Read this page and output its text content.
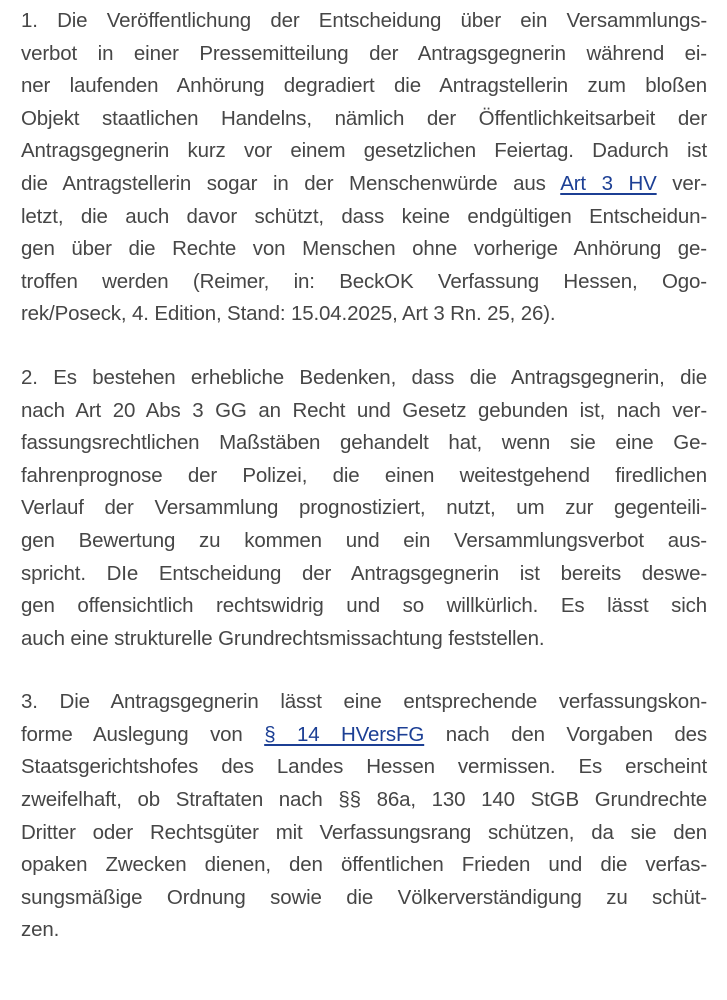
1. Die Veröffentlichung der Entscheidung über ein Versammlungs-
verbot in einer Pressemitteilung der Antragsgegnerin während ei-
ner laufenden Anhörung degradiert die Antragstellerin zum bloßen
Objekt staatlichen Handelns, nämlich der Öffentlichkeitsarbeit der
Antragsgegnerin kurz vor einem gesetzlichen Feiertag. Dadurch ist
die Antragstellerin sogar in der Menschenwürde aus Art 3 HV ver-
letzt, die auch davor schützt, dass keine endgültigen Entscheidun-
gen über die Rechte von Menschen ohne vorherige Anhörung ge-
troffen werden (Reimer, in: BeckOK Verfassung Hessen, Ogo-
rek/Poseck, 4. Edition, Stand: 15.04.2025, Art 3 Rn. 25, 26).
2. Es bestehen erhebliche Bedenken, dass die Antragsgegnerin, die
nach Art 20 Abs 3 GG an Recht und Gesetz gebunden ist, nach ver-
fassungsrechtlichen Maßstäben gehandelt hat, wenn sie eine Ge-
fahrenprognose der Polizei, die einen weitestgehend firedlichen
Verlauf der Versammlung prognostiziert, nutzt, um zur gegenteili-
gen Bewertung zu kommen und ein Versammlungsverbot aus-
spricht. DIe Entscheidung der Antragsgegnerin ist bereits deswe-
gen offensichtlich rechtswidrig und so willkürlich. Es lässt sich
auch eine strukturelle Grundrechtsmissachtung feststellen.
3. Die Antragsgegnerin lässt eine entsprechende verfassungskon-
forme Auslegung von § 14 HVersFG nach den Vorgaben des
Staatsgerichtshofes des Landes Hessen vermissen. Es erscheint
zweifelhaft, ob Straftaten nach §§ 86a, 130 140 StGB Grundrechte
Dritter oder Rechtsgüter mit Verfassungsrang schützen, da sie den
opaken Zwecken dienen, den öffentlichen Frieden und die verfas-
sungsmäßige Ordnung sowie die Völkerverständigung zu schüt-
zen.
